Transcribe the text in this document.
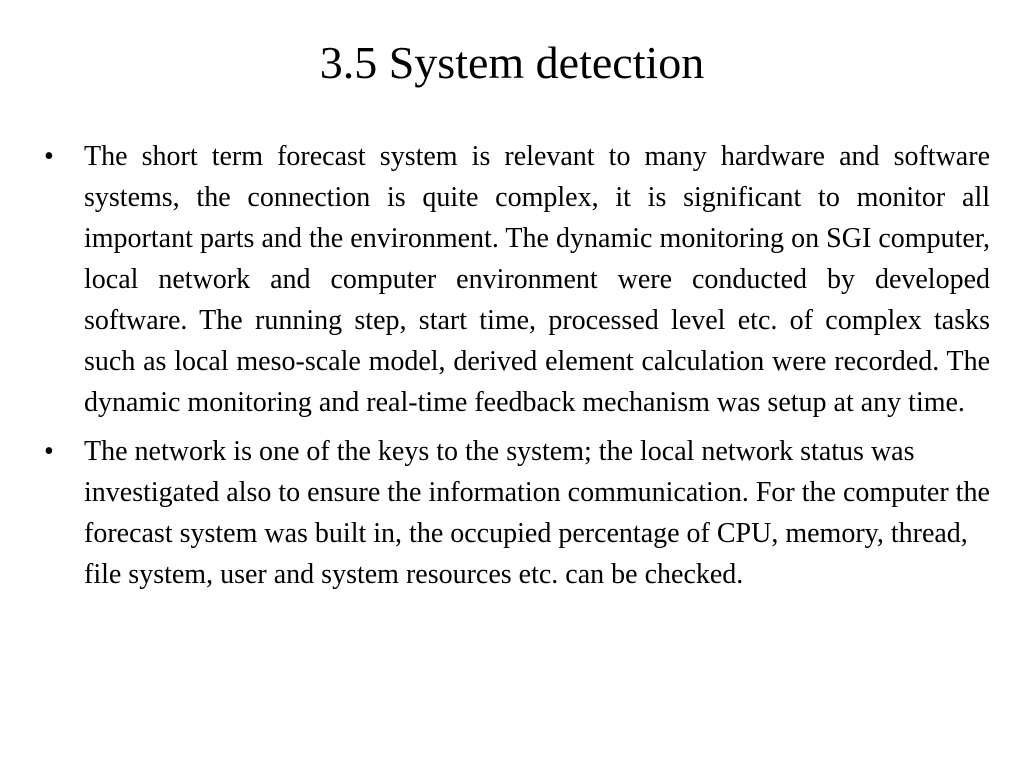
3.5 System detection
•	The short term forecast system is relevant to many hardware and software systems, the connection is quite complex, it is significant to monitor all important parts and the environment. The dynamic monitoring on SGI computer, local network and computer environment were conducted by developed software. The running step, start time, processed level etc. of complex tasks such as local meso-scale model, derived element calculation were recorded. The dynamic monitoring and real-time feedback mechanism was setup at any time.
•	The network is one of the keys to the system; the local network status was investigated also to ensure the information communication. For the computer the forecast system was built in, the occupied percentage of CPU, memory, thread, file system, user and system resources etc. can be checked.
